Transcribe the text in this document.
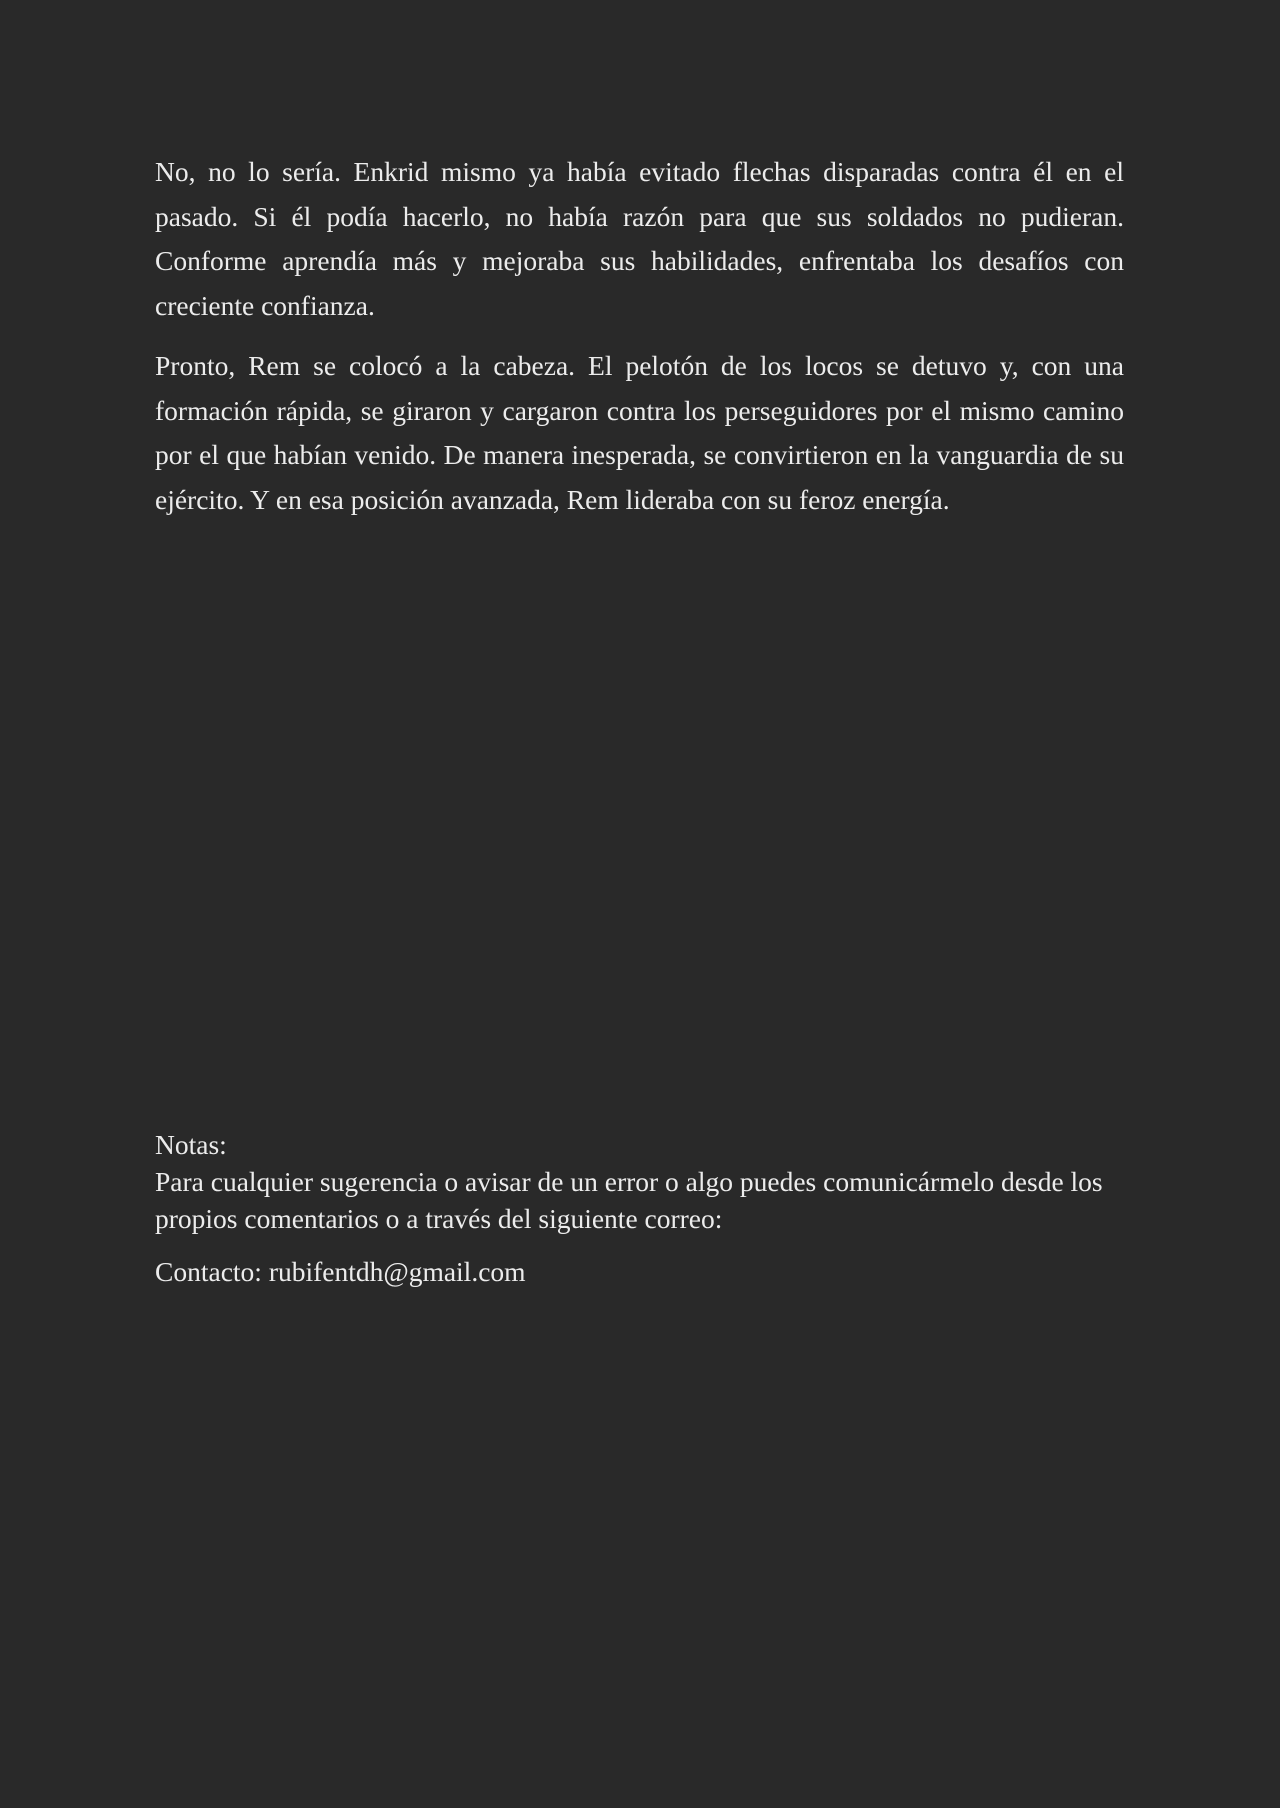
No, no lo sería. Enkrid mismo ya había evitado flechas disparadas contra él en el pasado. Si él podía hacerlo, no había razón para que sus soldados no pudieran. Conforme aprendía más y mejoraba sus habilidades, enfrentaba los desafíos con creciente confianza.

Pronto, Rem se colocó a la cabeza. El pelotón de los locos se detuvo y, con una formación rápida, se giraron y cargaron contra los perseguidores por el mismo camino por el que habían venido. De manera inesperada, se convirtieron en la vanguardia de su ejército. Y en esa posición avanzada, Rem lideraba con su feroz energía.

Notas:

Para cualquier sugerencia o avisar de un error o algo puedes comunicármelo desde los propios comentarios o a través del siguiente correo:

Contacto: rubifentdh@gmail.com
